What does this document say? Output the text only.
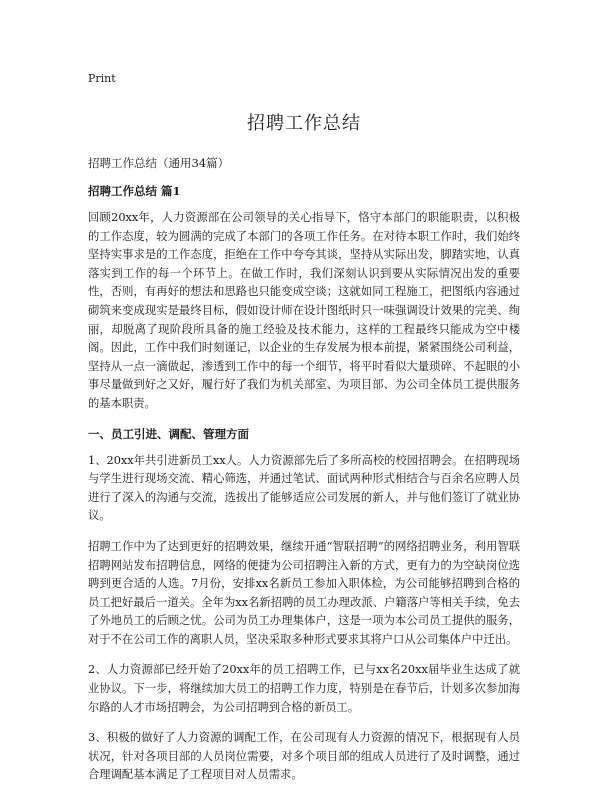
Print
招聘工作总结
招聘工作总结（通用34篇）
招聘工作总结 篇1

回顾20xx年，人力资源部在公司领导的关心指导下，恪守本部门的职能职责，以积极的工作态度，较为圆满的完成了本部门的各项工作任务。在对待本职工作时，我们始终坚持实事求是的工作态度，拒绝在工作中夸夸其谈，坚持从实际出发，脚踏实地，认真落实到工作的每一个环节上。在做工作时，我们深刻认识到要从实际情况出发的重要性，否则，有再好的想法和思路也只能变成空谈；这就如同工程施工，把图纸内容通过砌筑来变成现实是最终目标，假如设计师在设计图纸时只一味强调设计效果的完美、绚丽，却脱离了现阶段所具备的施工经验及技术能力，这样的工程最终只能成为空中楼阁。因此，工作中我们时刻谨记，以企业的生存发展为根本前提，紧紧围绕公司利益，坚持从一点一滴做起，渗透到工作中的每一个细节，将平时看似大量琐碎、不起眼的小事尽量做到好之又好，履行好了我们为机关部室、为项目部、为公司全体员工提供服务的基本职责。

一、员工引进、调配、管理方面

1、20xx年共引进新员工xx人。人力资源部先后了多所高校的校园招聘会。在招聘现场与学生进行现场交流、精心筛选，并通过笔试、面试两种形式相结合与百余名应聘人员进行了深入的沟通与交流，选拔出了能够适应公司发展的新人，并与他们签订了就业协议。

招聘工作中为了达到更好的招聘效果，继续开通“智联招聘”的网络招聘业务，利用智联招聘网站发布招聘信息，网络的便捷为公司招聘注入新的方式，更有力的为空缺岗位选聘到更合适的人选。7月份，安排xx名新员工参加入职体检，为公司能够招聘到合格的员工把好最后一道关。全年为xx名新招聘的员工办理改派、户籍落户等相关手续，免去了外地员工的后顾之忧。公司为员工办理集体户，这是一项为本公司员工提供的服务，对于不在公司工作的离职人员，坚决采取多种形式要求其将户口从公司集体户中迁出。

2、人力资源部已经开始了20xx年的员工招聘工作，已与xx名20xx届毕业生达成了就业协议。下一步，将继续加大员工的招聘工作力度，特别是在春节后，计划多次参加海尔路的人才市场招聘会，为公司招聘到合格的新员工。

3、积极的做好了人力资源的调配工作，在公司现有人力资源的情况下，根据现有人员状况，针对各项目部的人员岗位需要，对多个项目部的组成人员进行了及时调整，通过合理调配基本满足了工程项目对人员需求。
